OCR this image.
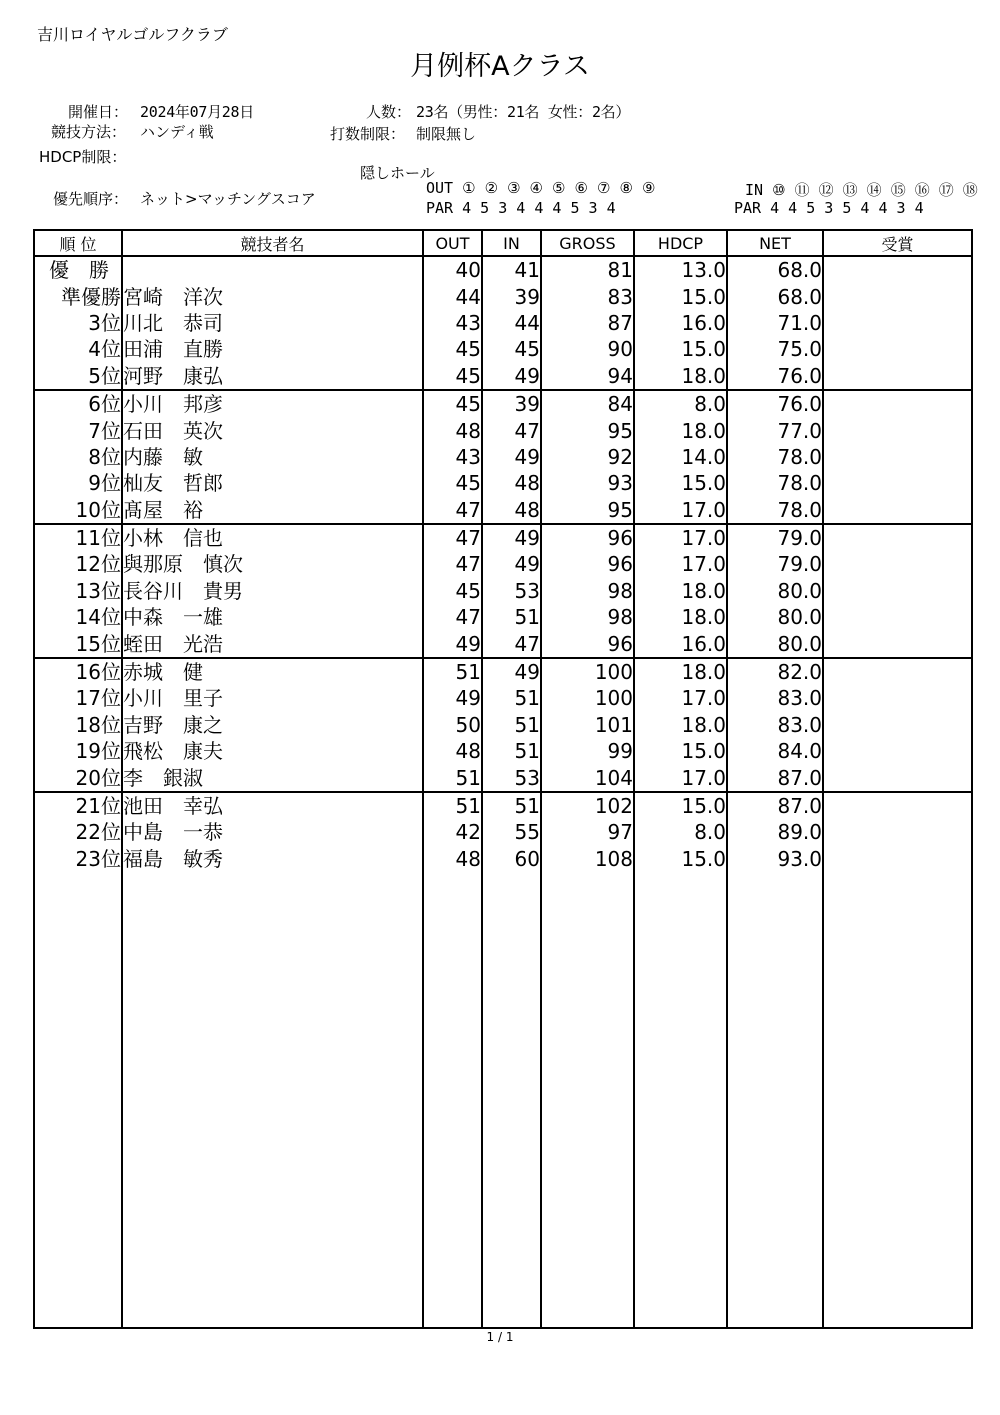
吉川ロイヤルゴルフクラブ
月例杯Aクラス
開催日： 2024年07月28日
競技方法： ハンディ戦
HDCP制限：
人数： 23名（男性：21名 女性：2名）
打数制限： 制限無し
隠しホール
優先順序： ネット>マッチングスコア
OUT ① ② ③ ④ ⑤ ⑥ ⑦ ⑧ ⑨
PAR 4 5 3 4 4 4 5 3 4
IN ⑩ ⑪ ⑫ ⑬ ⑭ ⑮ ⑯ ⑰ ⑱
PAR 4 4 5 3 5 4 4 3 4
順 位	競技者名	OUT	IN	GROSS	HDCP	NET	受賞
優　勝		40	41	81	13.0	68.0	
準優勝	宮崎　洋次	44	39	83	15.0	68.0	
3位	川北　恭司	43	44	87	16.0	71.0	
4位	田浦　直勝	45	45	90	15.0	75.0	
5位	河野　康弘	45	49	94	18.0	76.0	
6位	小川　邦彦	45	39	84	8.0	76.0	
7位	石田　英次	48	47	95	18.0	77.0	
8位	内藤　敏	43	49	92	14.0	78.0	
9位	杣友　哲郎	45	48	93	15.0	78.0	
10位	髙屋　裕	47	48	95	17.0	78.0	
11位	小林　信也	47	49	96	17.0	79.0	
12位	與那原　慎次	47	49	96	17.0	79.0	
13位	長谷川　貴男	45	53	98	18.0	80.0	
14位	中森　一雄	47	51	98	18.0	80.0	
15位	蛭田　光浩	49	47	96	16.0	80.0	
16位	赤城　健	51	49	100	18.0	82.0	
17位	小川　里子	49	51	100	17.0	83.0	
18位	吉野　康之	50	51	101	18.0	83.0	
19位	飛松　康夫	48	51	99	15.0	84.0	
20位	李　銀淑	51	53	104	17.0	87.0	
21位	池田　幸弘	51	51	102	15.0	87.0	
22位	中島　一恭	42	55	97	8.0	89.0	
23位	福島　敏秀	48	60	108	15.0	93.0	

1 / 1
